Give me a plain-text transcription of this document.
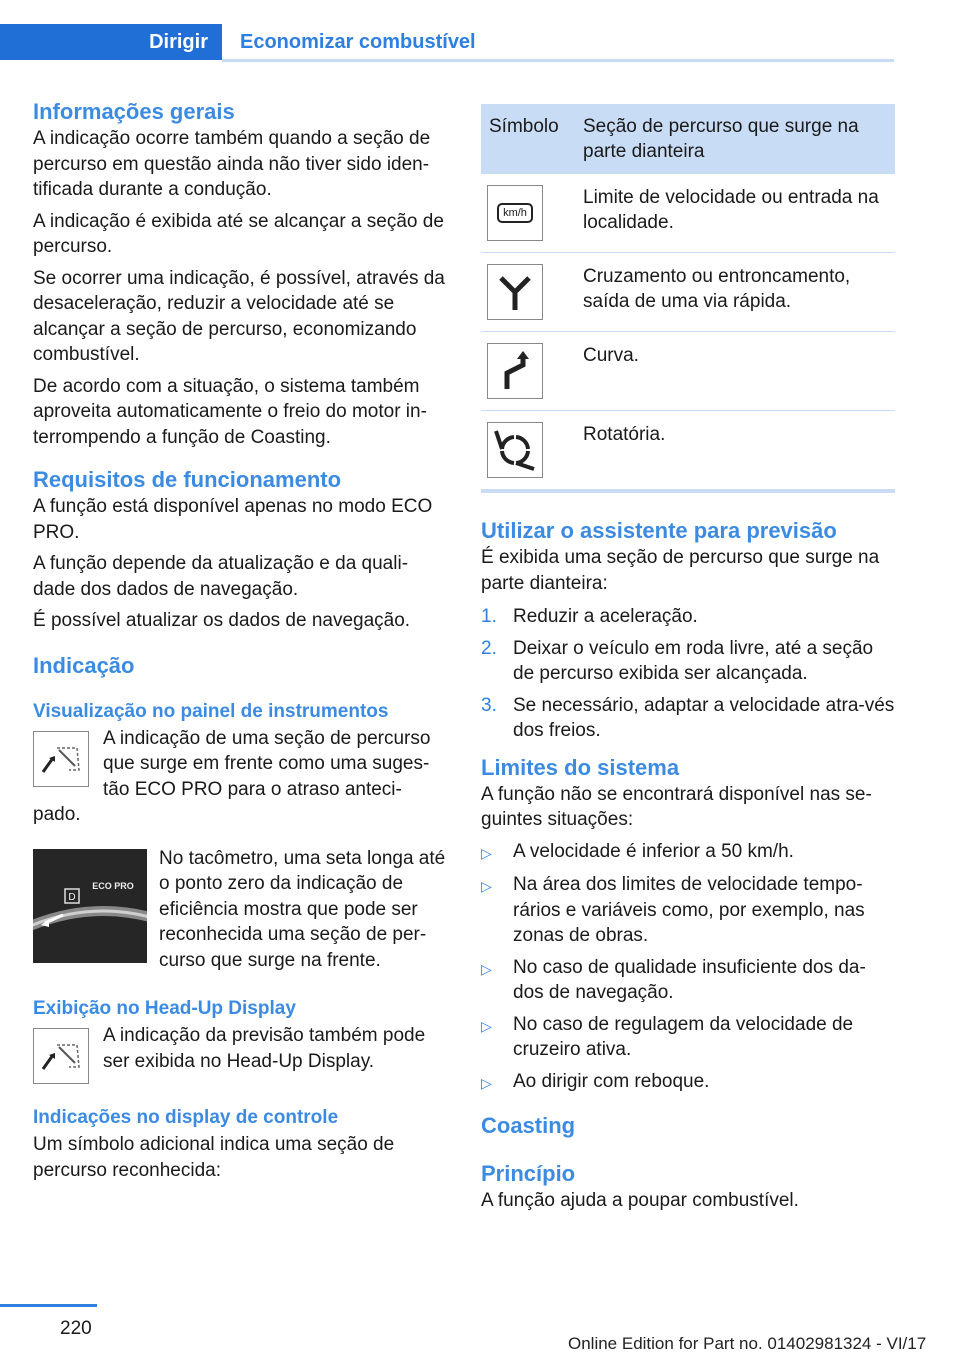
Dirigir	Economizar combustível
Informações gerais

A indicação ocorre também quando a seção de percurso em questão ainda não tiver sido iden‐tificada durante a condução.

A indicação é exibida até se alcançar a seção de percurso.

Se ocorrer uma indicação, é possível, através da desaceleração, reduzir a velocidade até se alcançar a seção de percurso, economizando combustível.

De acordo com a situação, o sistema também aproveita automaticamente o freio do motor in‐terrompendo a função de Coasting.

Requisitos de funcionamento

A função está disponível apenas no modo ECO PRO.

A função depende da atualização e da quali‐dade dos dados de navegação.

É possível atualizar os dados de navegação.

Indicação
Visualização no painel de instrumentos

A indicação de uma seção de percurso que surge em frente como uma suges‐tão ECO PRO para o atraso anteci‐pado.

D
ECO PRO

No tacômetro, uma seta longa até o ponto zero da indicação de eficiência mostra que pode ser reconhecida uma seção de per‐curso que surge na frente.

Exibição no Head-Up Display

A indicação da previsão também pode ser exibida no Head-Up Display.

Indicações no display de controle

Um símbolo adicional indica uma seção de percurso reconhecida:

Símbolo	Seção de percurso que surge na parte dianteira

km/h	Limite de velocidade ou entrada na localidade.

	Cruzamento ou entroncamento, saída de uma via rápida.

	Curva.

	Rotatória.
Utilizar o assistente para previsão

É exibida uma seção de percurso que surge na parte dianteira:

1. Reduzir a aceleração.
2. Deixar o veículo em roda livre, até a seção de percurso exibida ser alcançada.
3. Se necessário, adaptar a velocidade atra‐vés dos freios.
Limites do sistema

A função não se encontrará disponível nas se‐guintes situações:

▷	A velocidade é inferior a 50 km/h.
▷	Na área dos limites de velocidade tempo‐rários e variáveis como, por exemplo, nas zonas de obras.
▷	No caso de qualidade insuficiente dos da‐dos de navegação.
▷	No caso de regulagem da velocidade de cruzeiro ativa.
▷	Ao dirigir com reboque.
Coasting
Princípio

A função ajuda a poupar combustível.

220
Online Edition for Part no. 01402981324 - VI/17
